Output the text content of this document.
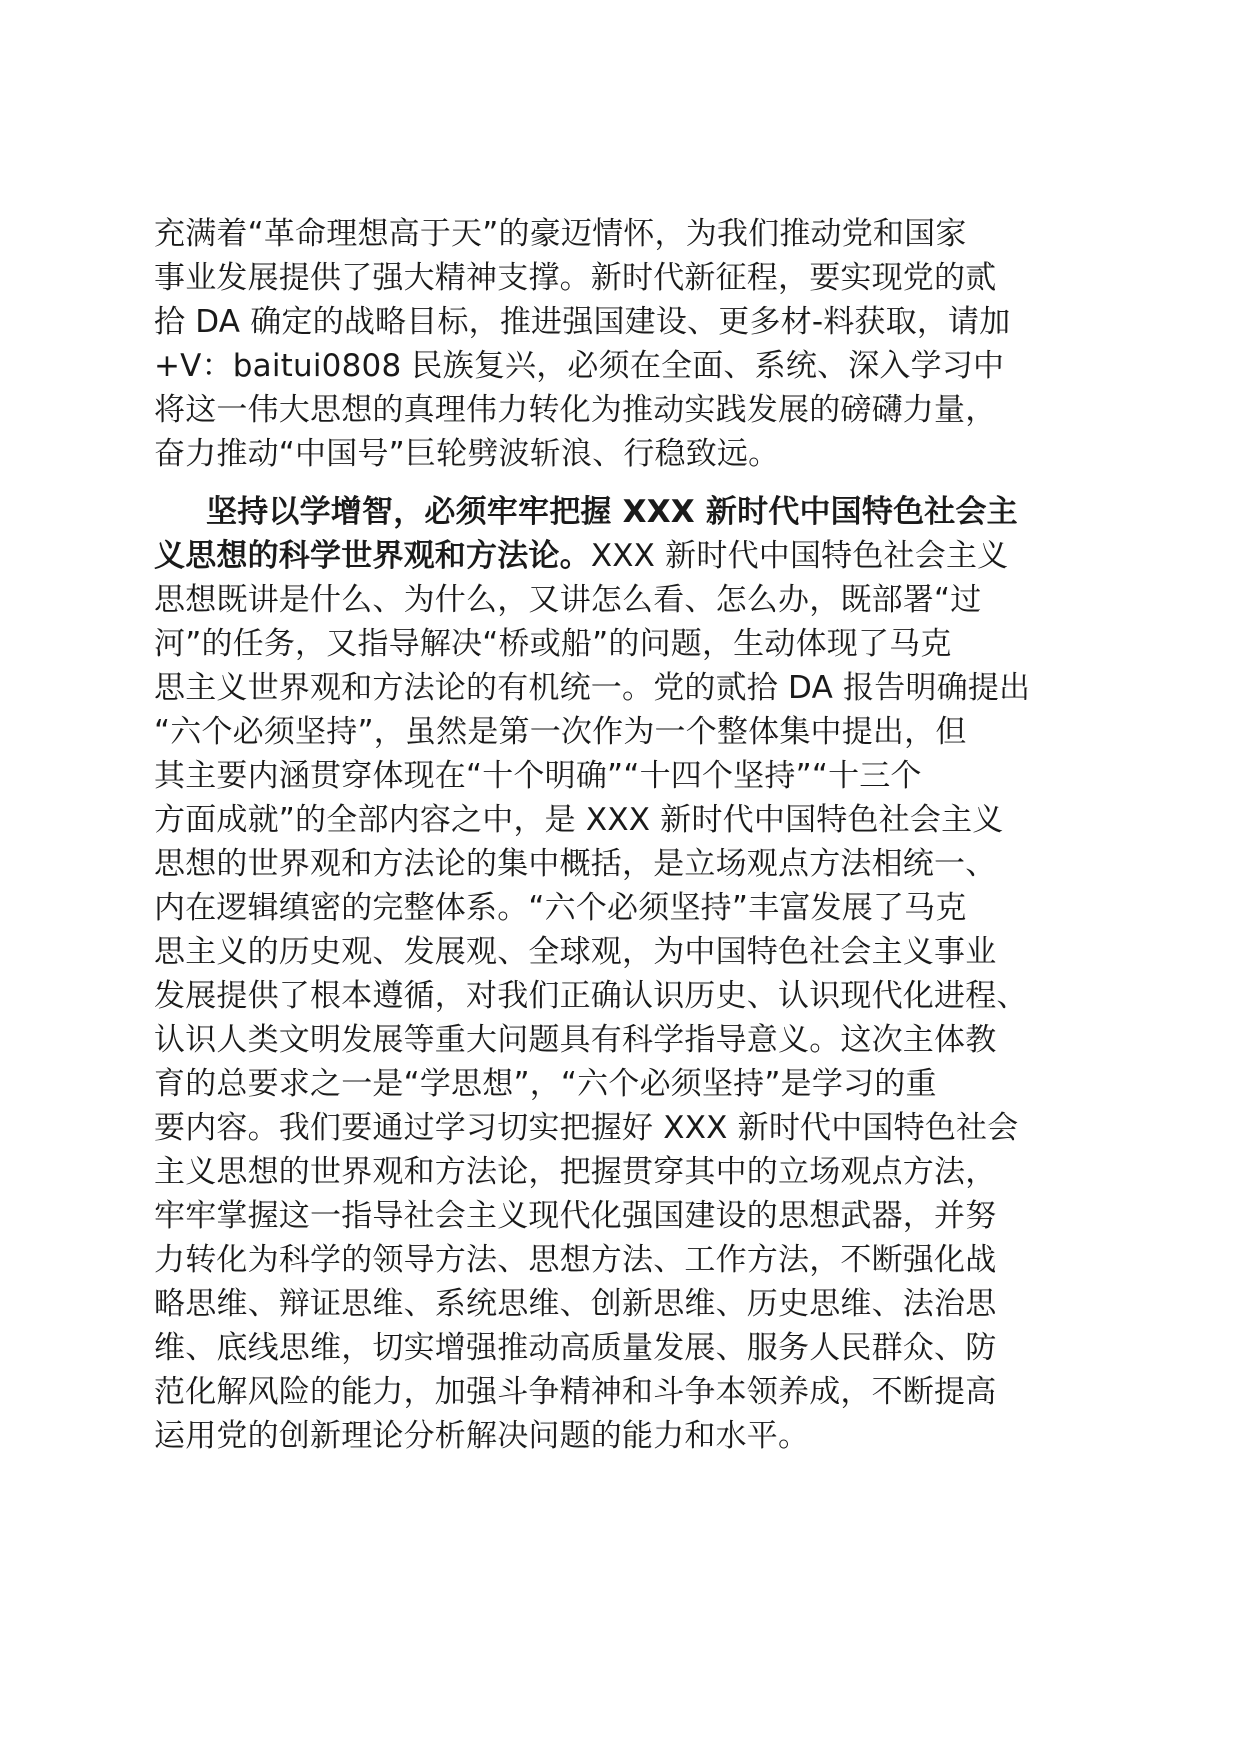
充满着“革命理想高于天”的豪迈情怀，为我们推动党和国家
事业发展提供了强大精神支撑。新时代新征程，要实现党的贰
拾 DA 确定的战略目标，推进强国建设、更多材-料获取，请加
+V：baitui0808 民族复兴，必须在全面、系统、深入学习中
将这一伟大思想的真理伟力转化为推动实践发展的磅礴力量，
奋力推动“中国号”巨轮劈波斩浪、行稳致远。
坚持以学增智，必须牢牢把握 XXX 新时代中国特色社会主
义思想的科学世界观和方法论。XXX 新时代中国特色社会主义
思想既讲是什么、为什么，又讲怎么看、怎么办，既部署“过
河”的任务，又指导解决“桥或船”的问题，生动体现了马克
思主义世界观和方法论的有机统一。党的贰拾 DA 报告明确提出
“六个必须坚持”，虽然是第一次作为一个整体集中提出，但
其主要内涵贯穿体现在“十个明确”“十四个坚持”“十三个
方面成就”的全部内容之中，是 XXX 新时代中国特色社会主义
思想的世界观和方法论的集中概括，是立场观点方法相统一、
内在逻辑缜密的完整体系。“六个必须坚持”丰富发展了马克
思主义的历史观、发展观、全球观，为中国特色社会主义事业
发展提供了根本遵循，对我们正确认识历史、认识现代化进程、
认识人类文明发展等重大问题具有科学指导意义。这次主体教
育的总要求之一是“学思想”，“六个必须坚持”是学习的重
要内容。我们要通过学习切实把握好 XXX 新时代中国特色社会
主义思想的世界观和方法论，把握贯穿其中的立场观点方法，
牢牢掌握这一指导社会主义现代化强国建设的思想武器，并努
力转化为科学的领导方法、思想方法、工作方法，不断强化战
略思维、辩证思维、系统思维、创新思维、历史思维、法治思
维、底线思维，切实增强推动高质量发展、服务人民群众、防
范化解风险的能力，加强斗争精神和斗争本领养成，不断提高
运用党的创新理论分析解决问题的能力和水平。
